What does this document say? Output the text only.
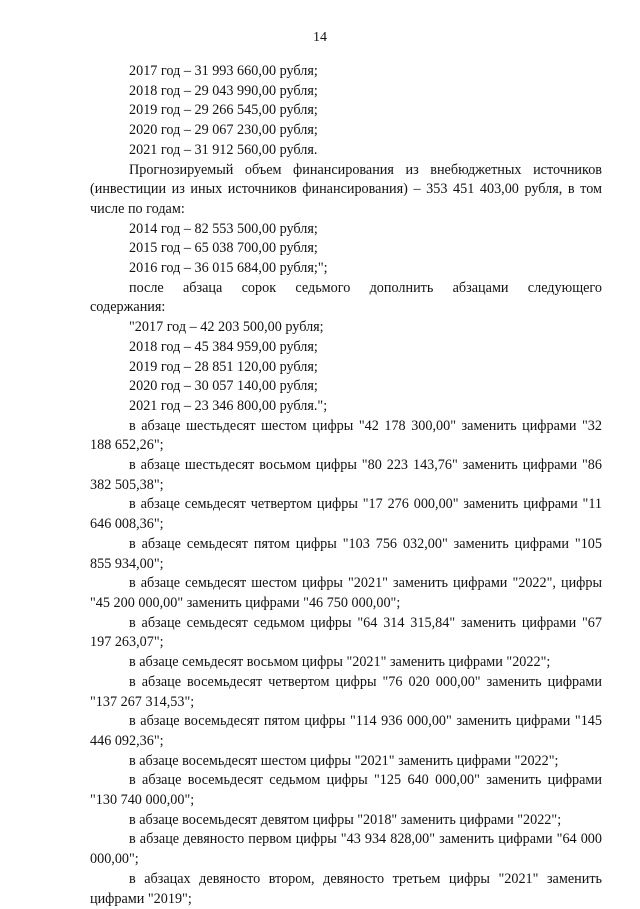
14

2017 год – 31 993 660,00 рубля;

2018 год – 29 043 990,00 рубля;

2019 год – 29 266 545,00 рубля;

2020 год – 29 067 230,00 рубля;

2021 год – 31 912 560,00 рубля.

Прогнозируемый объем финансирования из внебюджетных источников (инвестиции из иных источников финансирования) – 353 451 403,00 рубля, в том числе по годам:

2014 год – 82 553 500,00 рубля;

2015 год – 65 038 700,00 рубля;

2016 год – 36 015 684,00 рубля;";

после абзаца сорок седьмого дополнить абзацами следующего

содержания:

"2017 год – 42 203 500,00 рубля;

2018 год – 45 384 959,00 рубля;

2019 год – 28 851 120,00 рубля;

2020 год – 30 057 140,00 рубля;

2021 год – 23 346 800,00 рубля.";

в абзаце шестьдесят шестом цифры "42 178 300,00" заменить цифрами "32 188 652,26";

в абзаце шестьдесят восьмом цифры "80 223 143,76" заменить цифрами "86 382 505,38";

в абзаце семьдесят четвертом цифры "17 276 000,00" заменить цифрами "11 646 008,36";

в абзаце семьдесят пятом цифры "103 756 032,00" заменить цифрами "105 855 934,00";

в абзаце семьдесят шестом цифры "2021" заменить цифрами "2022", цифры "45 200 000,00" заменить цифрами "46 750 000,00";

в абзаце семьдесят седьмом цифры "64 314 315,84" заменить цифрами "67 197 263,07";

в абзаце семьдесят восьмом цифры "2021" заменить цифрами "2022";

в абзаце восемьдесят четвертом цифры "76 020 000,00" заменить цифрами "137 267 314,53";

в абзаце восемьдесят пятом цифры "114 936 000,00" заменить цифрами "145 446 092,36";

в абзаце восемьдесят шестом цифры "2021" заменить цифрами "2022";

в абзаце восемьдесят седьмом цифры "125 640 000,00" заменить цифрами "130 740 000,00";

в абзаце восемьдесят девятом цифры "2018" заменить цифрами "2022";

в абзаце девяносто первом цифры "43 934 828,00" заменить цифрами "64 000 000,00";

в абзацах девяносто втором, девяносто третьем цифры "2021" заменить цифрами "2019";
